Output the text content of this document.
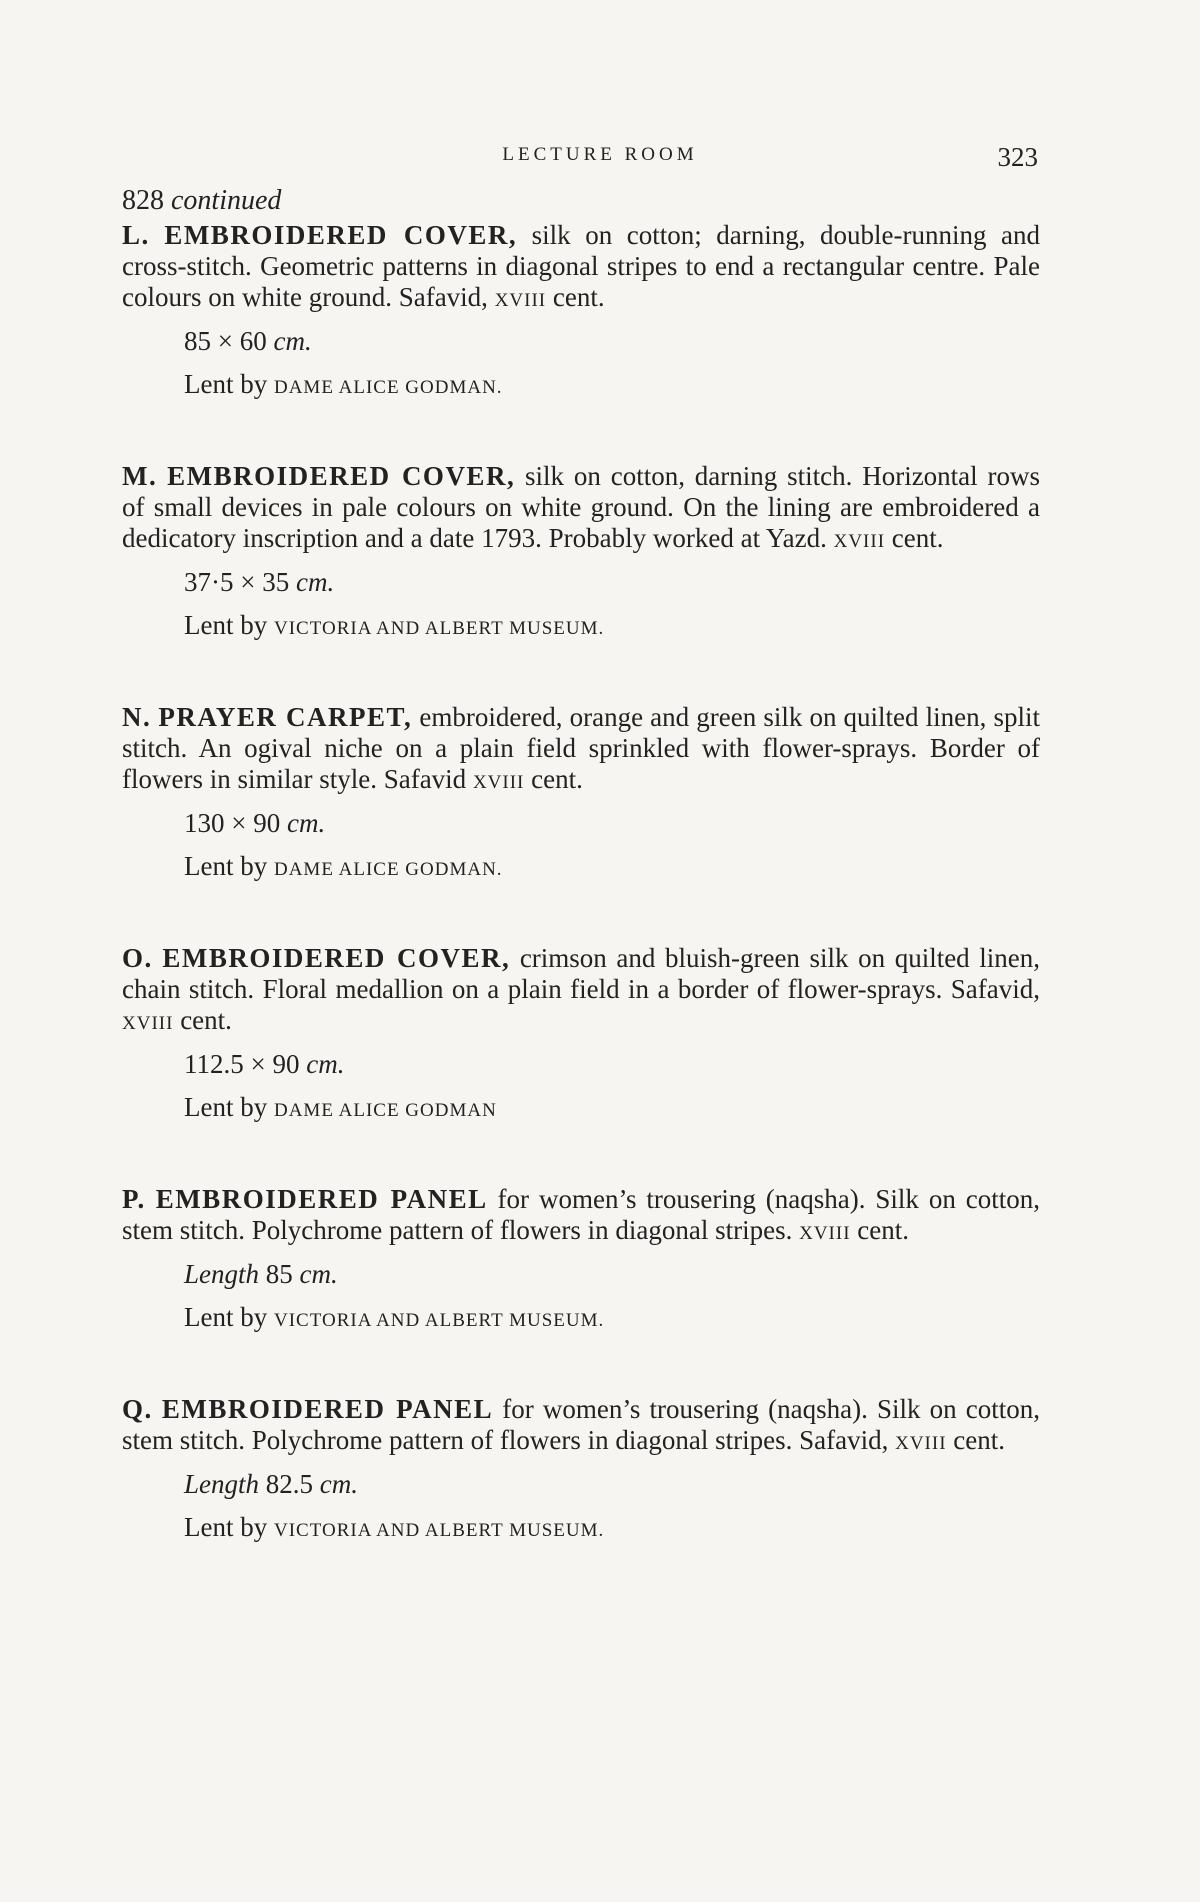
LECTURE ROOM	323
828 continued
L. EMBROIDERED COVER, silk on cotton; darning, double-running and cross-stitch. Geometric patterns in diagonal stripes to end a rectangular centre. Pale colours on white ground. Safavid, XVIII cent.
85 × 60 cm.
Lent by DAME ALICE GODMAN.
M. EMBROIDERED COVER, silk on cotton, darning stitch. Horizontal rows of small devices in pale colours on white ground. On the lining are embroidered a dedicatory inscription and a date 1793. Probably worked at Yazd. XVIII cent.
37·5 × 35 cm.
Lent by VICTORIA AND ALBERT MUSEUM.
N. PRAYER CARPET, embroidered, orange and green silk on quilted linen, split stitch. An ogival niche on a plain field sprinkled with flower-sprays. Border of flowers in similar style. Safavid XVIII cent.
130 × 90 cm.
Lent by DAME ALICE GODMAN.
O. EMBROIDERED COVER, crimson and bluish-green silk on quilted linen, chain stitch. Floral medallion on a plain field in a border of flower-sprays. Safavid, XVIII cent.
112.5 × 90 cm.
Lent by DAME ALICE GODMAN
P. EMBROIDERED PANEL for women’s trousering (naqsha). Silk on cotton, stem stitch. Polychrome pattern of flowers in diagonal stripes. XVIII cent.
Length 85 cm.
Lent by VICTORIA AND ALBERT MUSEUM.
Q. EMBROIDERED PANEL for women’s trousering (naqsha). Silk on cotton, stem stitch. Polychrome pattern of flowers in diagonal stripes. Safavid, XVIII cent.
Length 82.5 cm.
Lent by VICTORIA AND ALBERT MUSEUM.
